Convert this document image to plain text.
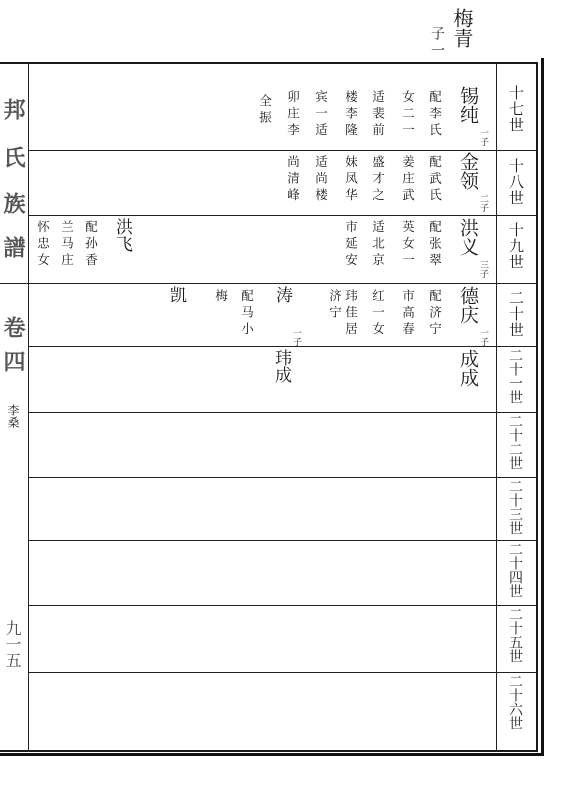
梅青
子一
十七世
十八世
十九世
二十世
二十一世
二十二世
二十三世
二十四世
二十五世
二十六世
邦
氏
族
譜
卷
四
李桑
九一五
锡纯
一子
配李氏
女二一
适裴前
楼李隆
宾一适
卯庄李
全振
金领
二子
配武氏
姜庄武
盛才之
妹凤华
适尚楼
尚清峰
洪义
三子
配张翠
英女一
适北京
市延安
洪飞
配孙香
兰马庄
怀忠女
德庆
一子
配济宁
市高春
红一女
玮佳居
济宁
涛
一子
配马小
梅
凯
成成
玮成
